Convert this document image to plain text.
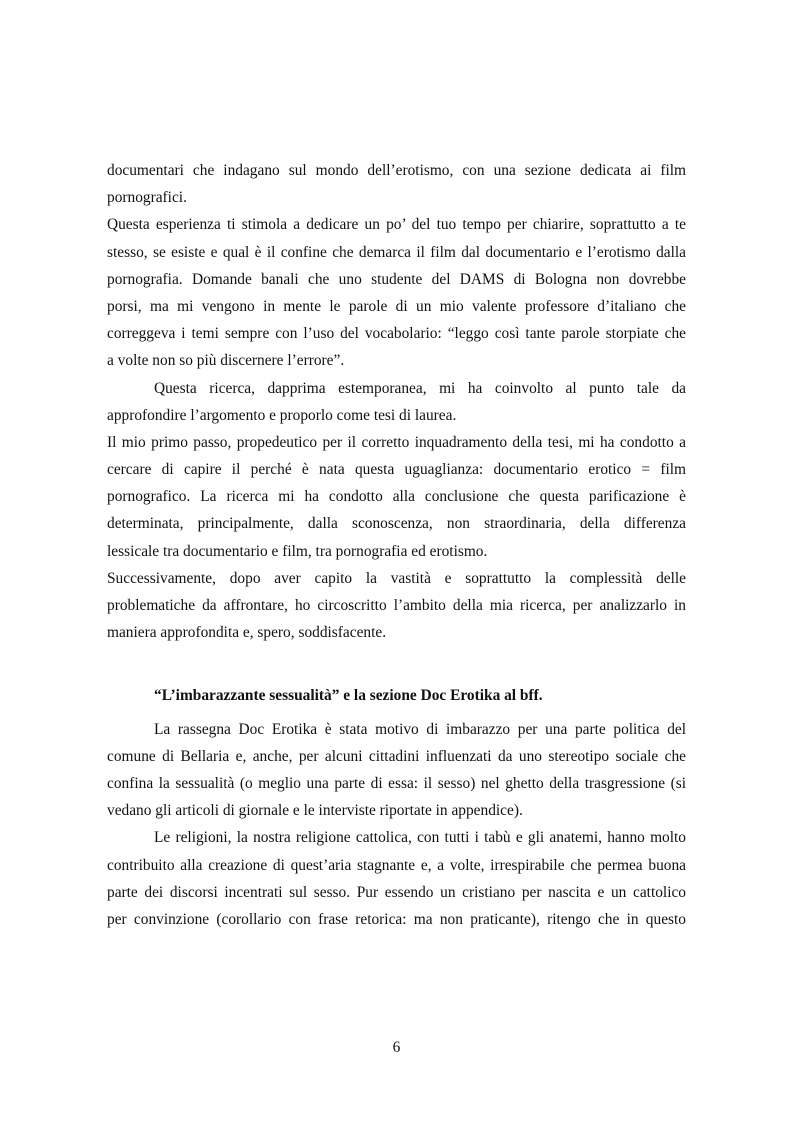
documentari che indagano sul mondo dell’erotismo, con una sezione dedicata ai film

pornografici.

Questa esperienza ti stimola a dedicare un po’ del tuo tempo per chiarire, soprattutto a te

stesso, se esiste e qual è il confine che demarca il film dal documentario e l’erotismo dalla

pornografia. Domande banali che uno studente del DAMS di Bologna non dovrebbe

porsi, ma mi vengono in mente le parole di un mio valente professore d’italiano che

correggeva i temi sempre con l’uso del vocabolario: “leggo così tante parole storpiate che

a volte non so più discernere l’errore”.

Questa ricerca, dapprima estemporanea, mi ha coinvolto al punto tale da

approfondire l’argomento e proporlo come tesi di laurea.

Il mio primo passo, propedeutico per il corretto inquadramento della tesi, mi ha condotto a

cercare di capire il perché è nata questa uguaglianza: documentario erotico = film

pornografico. La ricerca mi ha condotto alla conclusione che questa parificazione è

determinata, principalmente, dalla sconoscenza, non straordinaria, della differenza

lessicale tra documentario e film, tra pornografia ed erotismo.

Successivamente, dopo aver capito la vastità e soprattutto la complessità delle

problematiche da affrontare, ho circoscritto l’ambito della mia ricerca, per analizzarlo in

maniera approfondita e, spero, soddisfacente.

“L’imbarazzante sessualità” e la sezione Doc Erotika al bff.

La rassegna Doc Erotika è stata motivo di imbarazzo per una parte politica del

comune di Bellaria e, anche, per alcuni cittadini influenzati da uno stereotipo sociale che

confina la sessualità (o meglio una parte di essa: il sesso) nel ghetto della trasgressione (si

vedano gli articoli di giornale e le interviste riportate in appendice).

Le religioni, la nostra religione cattolica, con tutti i tabù e gli anatemi, hanno molto

contribuito alla creazione di quest’aria stagnante e, a volte, irrespirabile che permea buona

parte dei discorsi incentrati sul sesso. Pur essendo un cristiano per nascita e un cattolico

per convinzione (corollario con frase retorica: ma non praticante), ritengo che in questo

6
